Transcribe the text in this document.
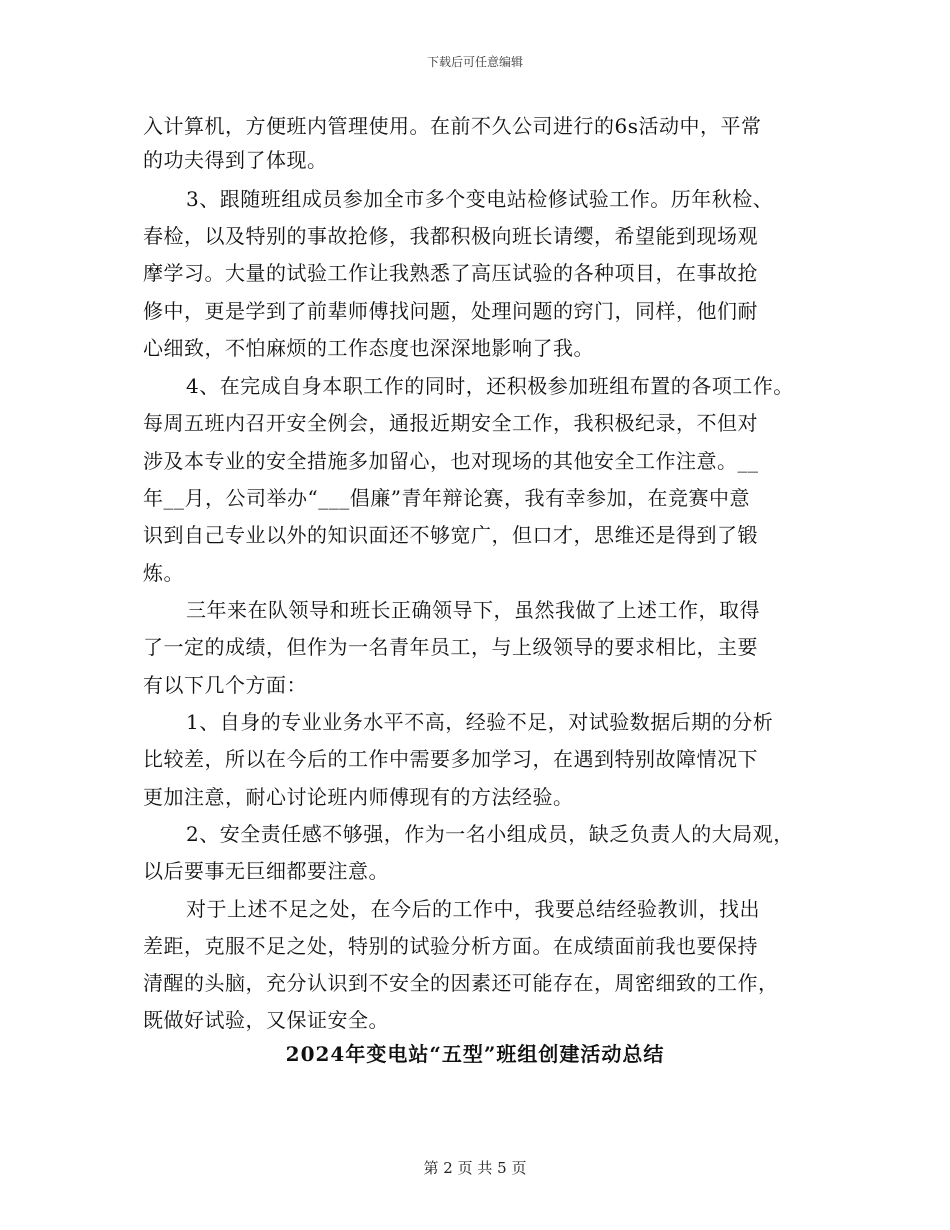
下载后可任意编辑
入计算机，方便班内管理使用。在前不久公司进行的6s活动中，平常
的功夫得到了体现。
3、跟随班组成员参加全市多个变电站检修试验工作。历年秋检、
春检，以及特别的事故抢修，我都积极向班长请缨，希望能到现场观
摩学习。大量的试验工作让我熟悉了高压试验的各种项目，在事故抢
修中，更是学到了前辈师傅找问题，处理问题的窍门，同样，他们耐
心细致，不怕麻烦的工作态度也深深地影响了我。
4、在完成自身本职工作的同时，还积极参加班组布置的各项工作。
每周五班内召开安全例会，通报近期安全工作，我积极纪录，不但对
涉及本专业的安全措施多加留心，也对现场的其他安全工作注意。__
年__月，公司举办“___倡廉”青年辩论赛，我有幸参加，在竞赛中意
识到自己专业以外的知识面还不够宽广，但口才，思维还是得到了锻
炼。
三年来在队领导和班长正确领导下，虽然我做了上述工作，取得
了一定的成绩，但作为一名青年员工，与上级领导的要求相比，主要
有以下几个方面：
1、自身的专业业务水平不高，经验不足，对试验数据后期的分析
比较差，所以在今后的工作中需要多加学习，在遇到特别故障情况下
更加注意，耐心讨论班内师傅现有的方法经验。
2、安全责任感不够强，作为一名小组成员，缺乏负责人的大局观，
以后要事无巨细都要注意。
对于上述不足之处，在今后的工作中，我要总结经验教训，找出
差距，克服不足之处，特别的试验分析方面。在成绩面前我也要保持
清醒的头脑，充分认识到不安全的因素还可能存在，周密细致的工作，
既做好试验，又保证安全。
2024年变电站“五型”班组创建活动总结
第 2 页 共 5 页
